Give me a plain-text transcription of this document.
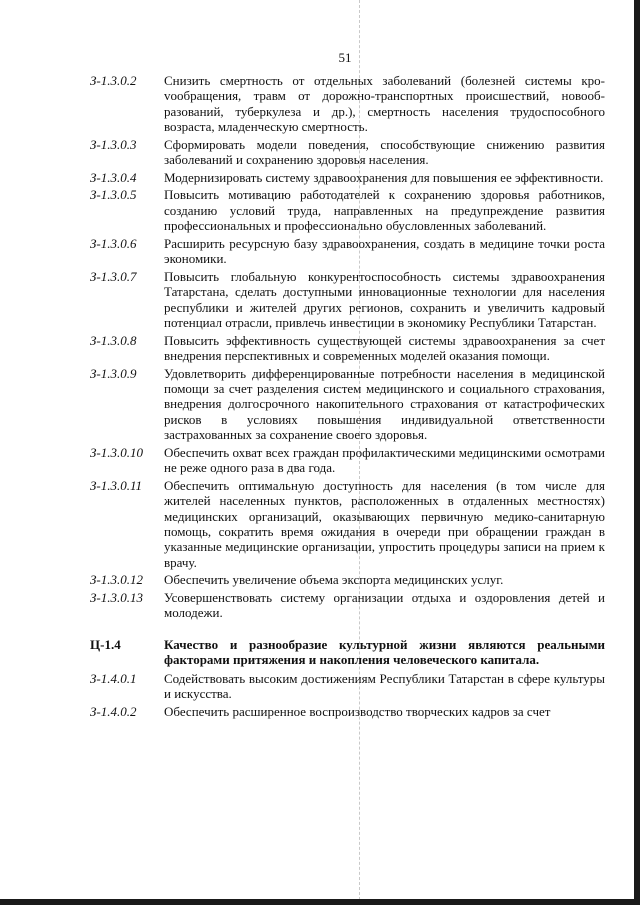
51
З-1.3.0.2	Снизить смертность от отдельных заболеваний (болезней системы кроvообращения, травм от дорожно-транспортных происшествий, новообразований, туберкулеза и др.), смертность населения трудоспособного возраста, младенческую смертность.
З-1.3.0.3	Сформировать модели поведения, способствующие снижению развития заболеваний и сохранению здоровья населения.
З-1.3.0.4	Модернизировать систему здравоохранения для повышения ее эффективности.
З-1.3.0.5	Повысить мотивацию работодателей к сохранению здоровья работников, созданию условий труда, направленных на предупреждение развития профессиональных и профессионально обусловленных заболеваний.
З-1.3.0.6	Расширить ресурсную базу здравоохранения, создать в медицине точки роста экономики.
З-1.3.0.7	Повысить глобальную конкурентоспособность системы здравоохранения Татарстана, сделать доступными инновационные технологии для населения республики и жителей других регионов, сохранить и увеличить кадровый потенциал отрасли, привлечь инвестиции в экономику Республики Татарстан.
З-1.3.0.8	Повысить эффективность существующей системы здравоохранения за счет внедрения перспективных и современных моделей оказания помощи.
З-1.3.0.9	Удовлетворить дифференцированные потребности населения в медицинской помощи за счет разделения систем медицинского и социального страхования, внедрения долгосрочного накопительного страхования от катастрофических рисков в условиях повышения индивидуальной ответственности застрахованных за сохранение своего здоровья.
З-1.3.0.10	Обеспечить охват всех граждан профилактическими медицинскими осмотрами не реже одного раза в два года.
З-1.3.0.11	Обеспечить оптимальную доступность для населения (в том числе для жителей населенных пунктов, расположенных в отдаленных местностях) медицинских организаций, оказывающих первичную медико-санитарную помощь, сократить время ожидания в очереди при обращении граждан в указанные медицинские организации, упростить процедуры записи на прием к врачу.
З-1.3.0.12	Обеспечить увеличение объема экспорта медицинских услуг.
З-1.3.0.13	Усовершенствовать систему организации отдыха и оздоровления детей и молодежи.
Ц-1.4	Качество и разнообразие культурной жизни являются реальными факторами притяжения и накопления человеческого капитала.
З-1.4.0.1	Содействовать высоким достижениям Республики Татарстан в сфере культуры и искусства.
З-1.4.0.2	Обеспечить расширенное воспроизводство творческих кадров за счет
